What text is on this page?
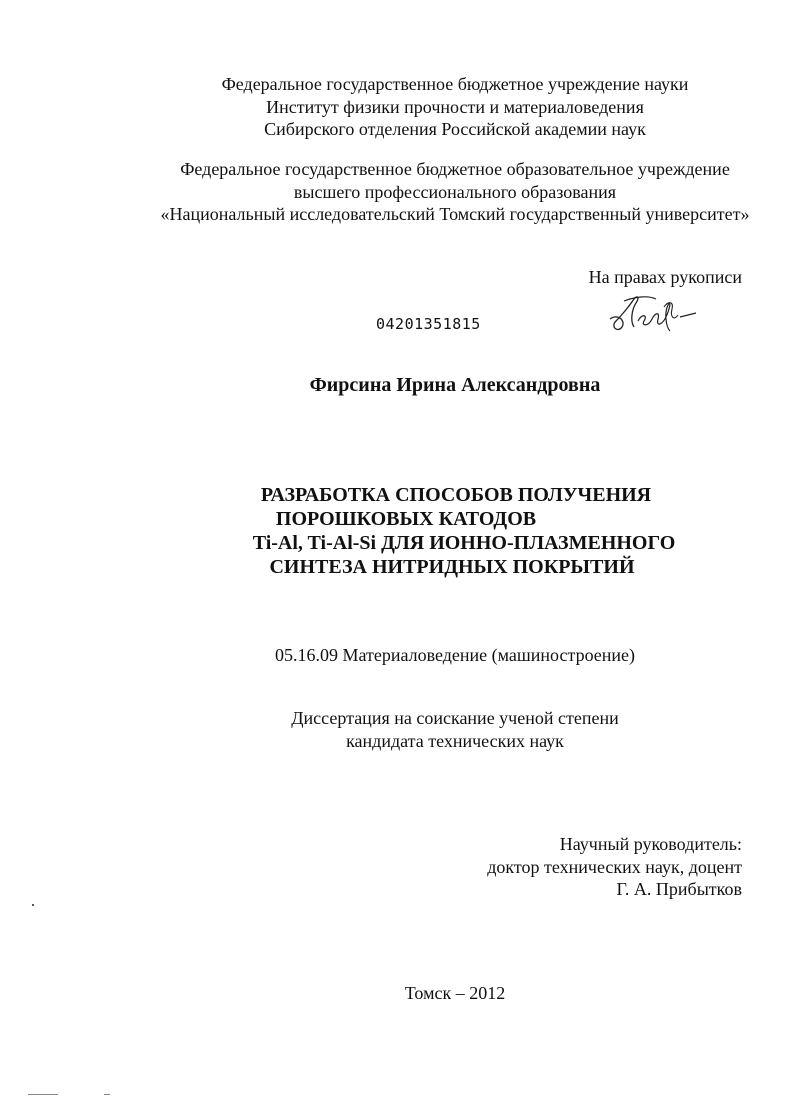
Федеральное государственное бюджетное учреждение науки
Институт физики прочности и материаловедения
Сибирского отделения Российской академии наук
Федеральное государственное бюджетное образовательное учреждение
высшего профессионального образования
«Национальный исследовательский Томский государственный университет»
На правах рукописи
04201351815
Фирсина Ирина Александровна
РАЗРАБОТКА СПОСОБОВ ПОЛУЧЕНИЯ
ПОРОШКОВЫХ КАТОДОВ
Ti-Al, Ti-Al-Si ДЛЯ ИОННО-ПЛАЗМЕННОГО
СИНТЕЗА НИТРИДНЫХ ПОКРЫТИЙ
05.16.09 Материаловедение (машиностроение)
Диссертация на соискание ученой степени
кандидата технических наук
Научный руководитель:
доктор технических наук, доцент
Г. А. Прибытков
Томск – 2012
